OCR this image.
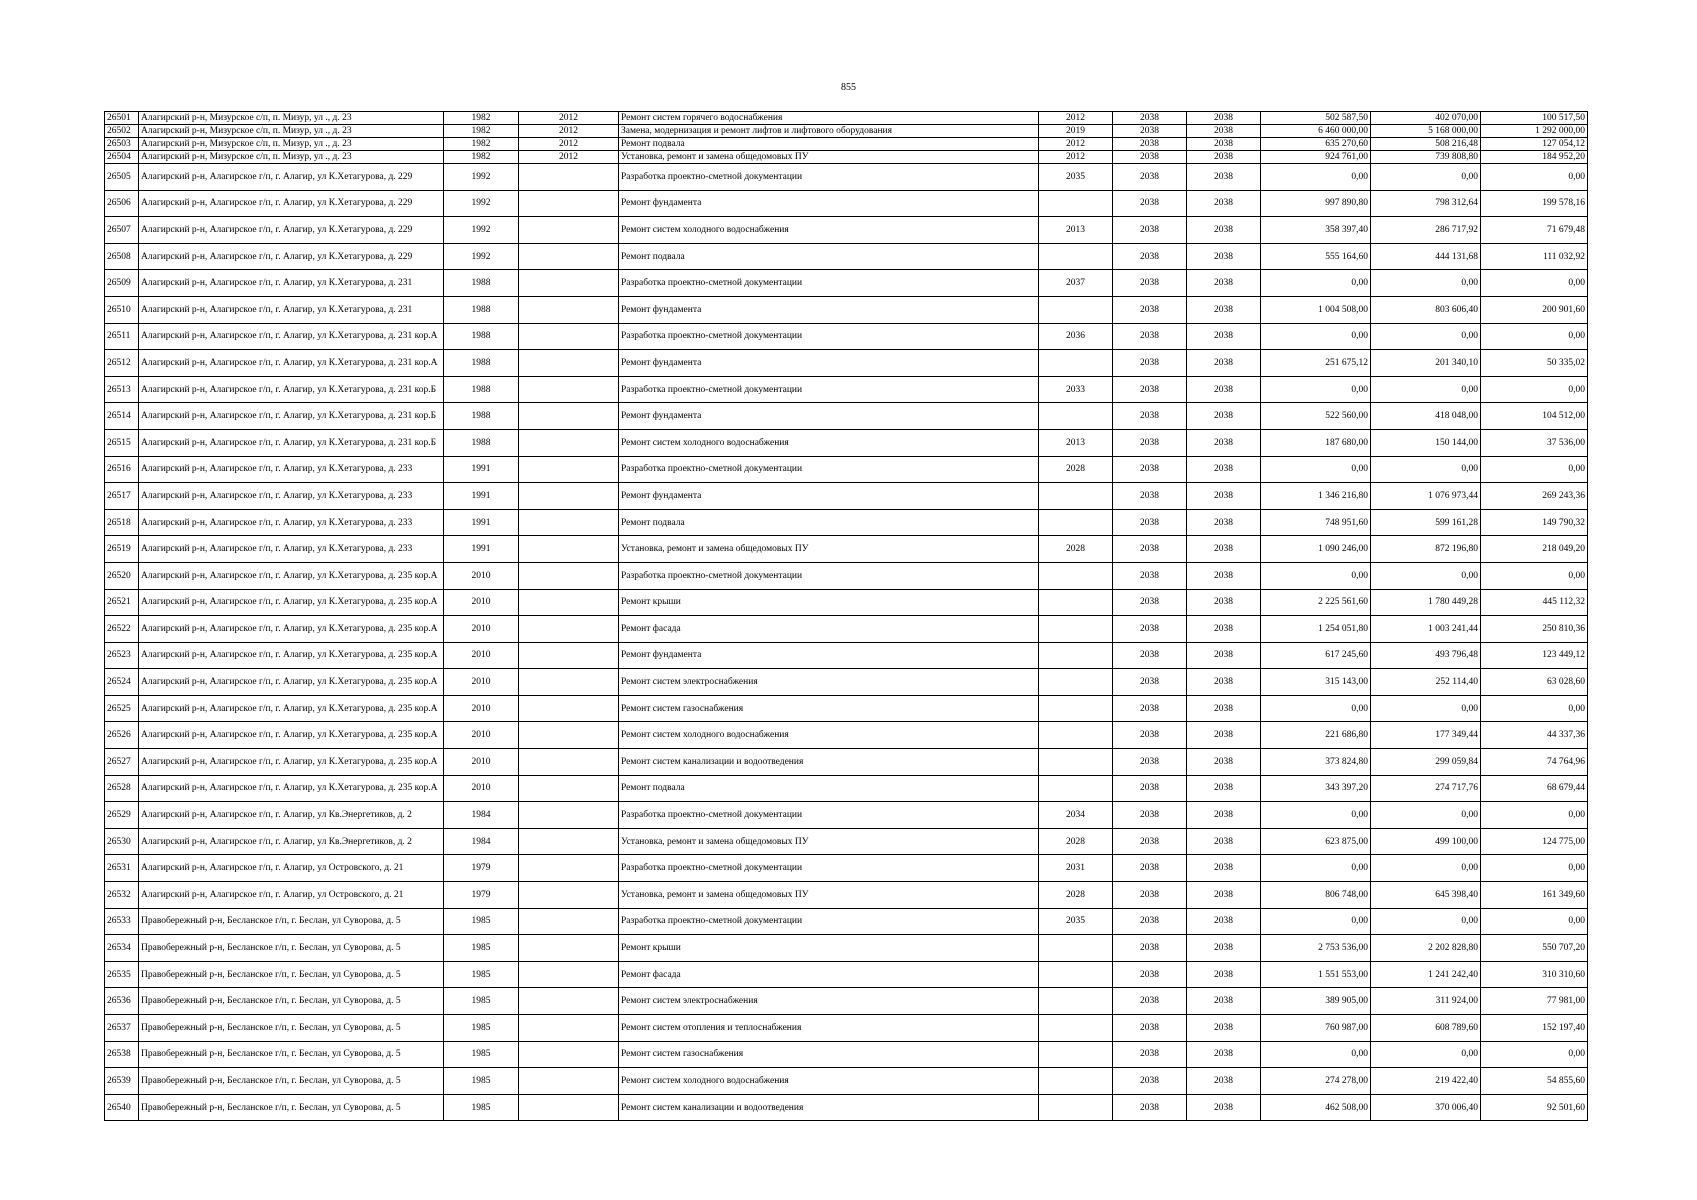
855
26501	Алагирский р-н, Мизурское с/п, п. Мизур, ул ., д. 23	1982	2012	Ремонт систем горячего водоснабжения	2012	2038	2038	502 587,50	402 070,00	100 517,50
26502	Алагирский р-н, Мизурское с/п, п. Мизур, ул ., д. 23	1982	2012	Замена, модернизация и ремонт лифтов и лифтового оборудования	2019	2038	2038	6 460 000,00	5 168 000,00	1 292 000,00
26503	Алагирский р-н, Мизурское с/п, п. Мизур, ул ., д. 23	1982	2012	Ремонт подвала	2012	2038	2038	635 270,60	508 216,48	127 054,12
26504	Алагирский р-н, Мизурское с/п, п. Мизур, ул ., д. 23	1982	2012	Установка, ремонт и замена общедомовых ПУ	2012	2038	2038	924 761,00	739 808,80	184 952,20
26505	Алагирский р-н, Алагирское г/п, г. Алагир, ул К.Хетагурова, д. 229	1992		Разработка проектно-сметной документации	2035	2038	2038	0,00	0,00	0,00
26506	Алагирский р-н, Алагирское г/п, г. Алагир, ул К.Хетагурова, д. 229	1992		Ремонт фундамента		2038	2038	997 890,80	798 312,64	199 578,16
26507	Алагирский р-н, Алагирское г/п, г. Алагир, ул К.Хетагурова, д. 229	1992		Ремонт систем холодного водоснабжения	2013	2038	2038	358 397,40	286 717,92	71 679,48
26508	Алагирский р-н, Алагирское г/п, г. Алагир, ул К.Хетагурова, д. 229	1992		Ремонт подвала		2038	2038	555 164,60	444 131,68	111 032,92
26509	Алагирский р-н, Алагирское г/п, г. Алагир, ул К.Хетагурова, д. 231	1988		Разработка проектно-сметной документации	2037	2038	2038	0,00	0,00	0,00
26510	Алагирский р-н, Алагирское г/п, г. Алагир, ул К.Хетагурова, д. 231	1988		Ремонт фундамента		2038	2038	1 004 508,00	803 606,40	200 901,60
26511	Алагирский р-н, Алагирское г/п, г. Алагир, ул К.Хетагурова, д. 231 кор.А	1988		Разработка проектно-сметной документации	2036	2038	2038	0,00	0,00	0,00
26512	Алагирский р-н, Алагирское г/п, г. Алагир, ул К.Хетагурова, д. 231 кор.А	1988		Ремонт фундамента		2038	2038	251 675,12	201 340,10	50 335,02
26513	Алагирский р-н, Алагирское г/п, г. Алагир, ул К.Хетагурова, д. 231 кор.Б	1988		Разработка проектно-сметной документации	2033	2038	2038	0,00	0,00	0,00
26514	Алагирский р-н, Алагирское г/п, г. Алагир, ул К.Хетагурова, д. 231 кор.Б	1988		Ремонт фундамента		2038	2038	522 560,00	418 048,00	104 512,00
26515	Алагирский р-н, Алагирское г/п, г. Алагир, ул К.Хетагурова, д. 231 кор.Б	1988		Ремонт систем холодного водоснабжения	2013	2038	2038	187 680,00	150 144,00	37 536,00
26516	Алагирский р-н, Алагирское г/п, г. Алагир, ул К.Хетагурова, д. 233	1991		Разработка проектно-сметной документации	2028	2038	2038	0,00	0,00	0,00
26517	Алагирский р-н, Алагирское г/п, г. Алагир, ул К.Хетагурова, д. 233	1991		Ремонт фундамента		2038	2038	1 346 216,80	1 076 973,44	269 243,36
26518	Алагирский р-н, Алагирское г/п, г. Алагир, ул К.Хетагурова, д. 233	1991		Ремонт подвала		2038	2038	748 951,60	599 161,28	149 790,32
26519	Алагирский р-н, Алагирское г/п, г. Алагир, ул К.Хетагурова, д. 233	1991		Установка, ремонт и замена общедомовых ПУ	2028	2038	2038	1 090 246,00	872 196,80	218 049,20
26520	Алагирский р-н, Алагирское г/п, г. Алагир, ул К.Хетагурова, д. 235 кор.А	2010		Разработка проектно-сметной документации		2038	2038	0,00	0,00	0,00
26521	Алагирский р-н, Алагирское г/п, г. Алагир, ул К.Хетагурова, д. 235 кор.А	2010		Ремонт крыши		2038	2038	2 225 561,60	1 780 449,28	445 112,32
26522	Алагирский р-н, Алагирское г/п, г. Алагир, ул К.Хетагурова, д. 235 кор.А	2010		Ремонт фасада		2038	2038	1 254 051,80	1 003 241,44	250 810,36
26523	Алагирский р-н, Алагирское г/п, г. Алагир, ул К.Хетагурова, д. 235 кор.А	2010		Ремонт фундамента		2038	2038	617 245,60	493 796,48	123 449,12
26524	Алагирский р-н, Алагирское г/п, г. Алагир, ул К.Хетагурова, д. 235 кор.А	2010		Ремонт систем электроснабжения		2038	2038	315 143,00	252 114,40	63 028,60
26525	Алагирский р-н, Алагирское г/п, г. Алагир, ул К.Хетагурова, д. 235 кор.А	2010		Ремонт систем газоснабжения		2038	2038	0,00	0,00	0,00
26526	Алагирский р-н, Алагирское г/п, г. Алагир, ул К.Хетагурова, д. 235 кор.А	2010		Ремонт систем холодного водоснабжения		2038	2038	221 686,80	177 349,44	44 337,36
26527	Алагирский р-н, Алагирское г/п, г. Алагир, ул К.Хетагурова, д. 235 кор.А	2010		Ремонт систем канализации и водоотведения		2038	2038	373 824,80	299 059,84	74 764,96
26528	Алагирский р-н, Алагирское г/п, г. Алагир, ул К.Хетагурова, д. 235 кор.А	2010		Ремонт подвала		2038	2038	343 397,20	274 717,76	68 679,44
26529	Алагирский р-н, Алагирское г/п, г. Алагир, ул Кв.Энергетиков, д. 2	1984		Разработка проектно-сметной документации	2034	2038	2038	0,00	0,00	0,00
26530	Алагирский р-н, Алагирское г/п, г. Алагир, ул Кв.Энергетиков, д. 2	1984		Установка, ремонт и замена общедомовых ПУ	2028	2038	2038	623 875,00	499 100,00	124 775,00
26531	Алагирский р-н, Алагирское г/п, г. Алагир, ул Островского, д. 21	1979		Разработка проектно-сметной документации	2031	2038	2038	0,00	0,00	0,00
26532	Алагирский р-н, Алагирское г/п, г. Алагир, ул Островского, д. 21	1979		Установка, ремонт и замена общедомовых ПУ	2028	2038	2038	806 748,00	645 398,40	161 349,60
26533	Правобережный р-н, Бесланское г/п, г. Беслан, ул Суворова, д. 5	1985		Разработка проектно-сметной документации	2035	2038	2038	0,00	0,00	0,00
26534	Правобережный р-н, Бесланское г/п, г. Беслан, ул Суворова, д. 5	1985		Ремонт крыши		2038	2038	2 753 536,00	2 202 828,80	550 707,20
26535	Правобережный р-н, Бесланское г/п, г. Беслан, ул Суворова, д. 5	1985		Ремонт фасада		2038	2038	1 551 553,00	1 241 242,40	310 310,60
26536	Правобережный р-н, Бесланское г/п, г. Беслан, ул Суворова, д. 5	1985		Ремонт систем электроснабжения		2038	2038	389 905,00	311 924,00	77 981,00
26537	Правобережный р-н, Бесланское г/п, г. Беслан, ул Суворова, д. 5	1985		Ремонт систем отопления и теплоснабжения		2038	2038	760 987,00	608 789,60	152 197,40
26538	Правобережный р-н, Бесланское г/п, г. Беслан, ул Суворова, д. 5	1985		Ремонт систем газоснабжения		2038	2038	0,00	0,00	0,00
26539	Правобережный р-н, Бесланское г/п, г. Беслан, ул Суворова, д. 5	1985		Ремонт систем холодного водоснабжения		2038	2038	274 278,00	219 422,40	54 855,60
26540	Правобережный р-н, Бесланское г/п, г. Беслан, ул Суворова, д. 5	1985		Ремонт систем канализации и водоотведения		2038	2038	462 508,00	370 006,40	92 501,60
